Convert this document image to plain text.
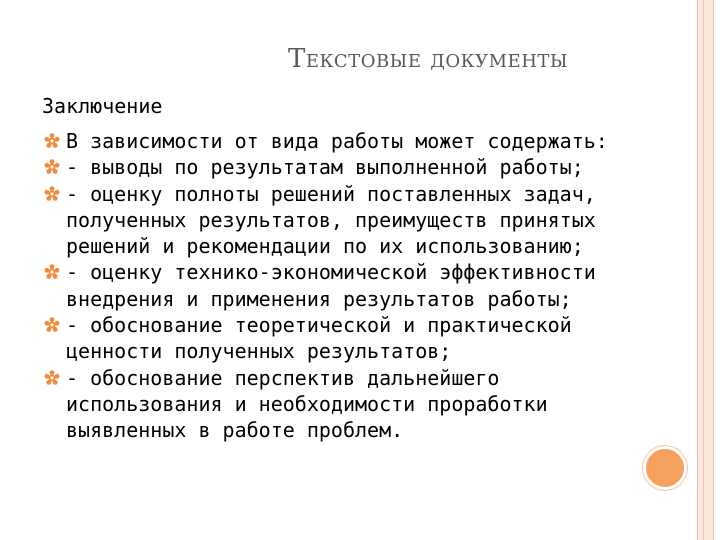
Текстовые документы
Заключение
В зависимости от вида работы может содержать:
- выводы по результатам выполненной работы;
- оценку полноты решений поставленных задач,
полученных результатов, преимуществ принятых
решений и рекомендации по их использованию;
- оценку технико-экономической эффективности
внедрения и применения результатов работы;
- обоснование теоретической и практической
ценности полученных результатов;
- обоснование перспектив дальнейшего
использования и необходимости проработки
выявленных в работе проблем.
